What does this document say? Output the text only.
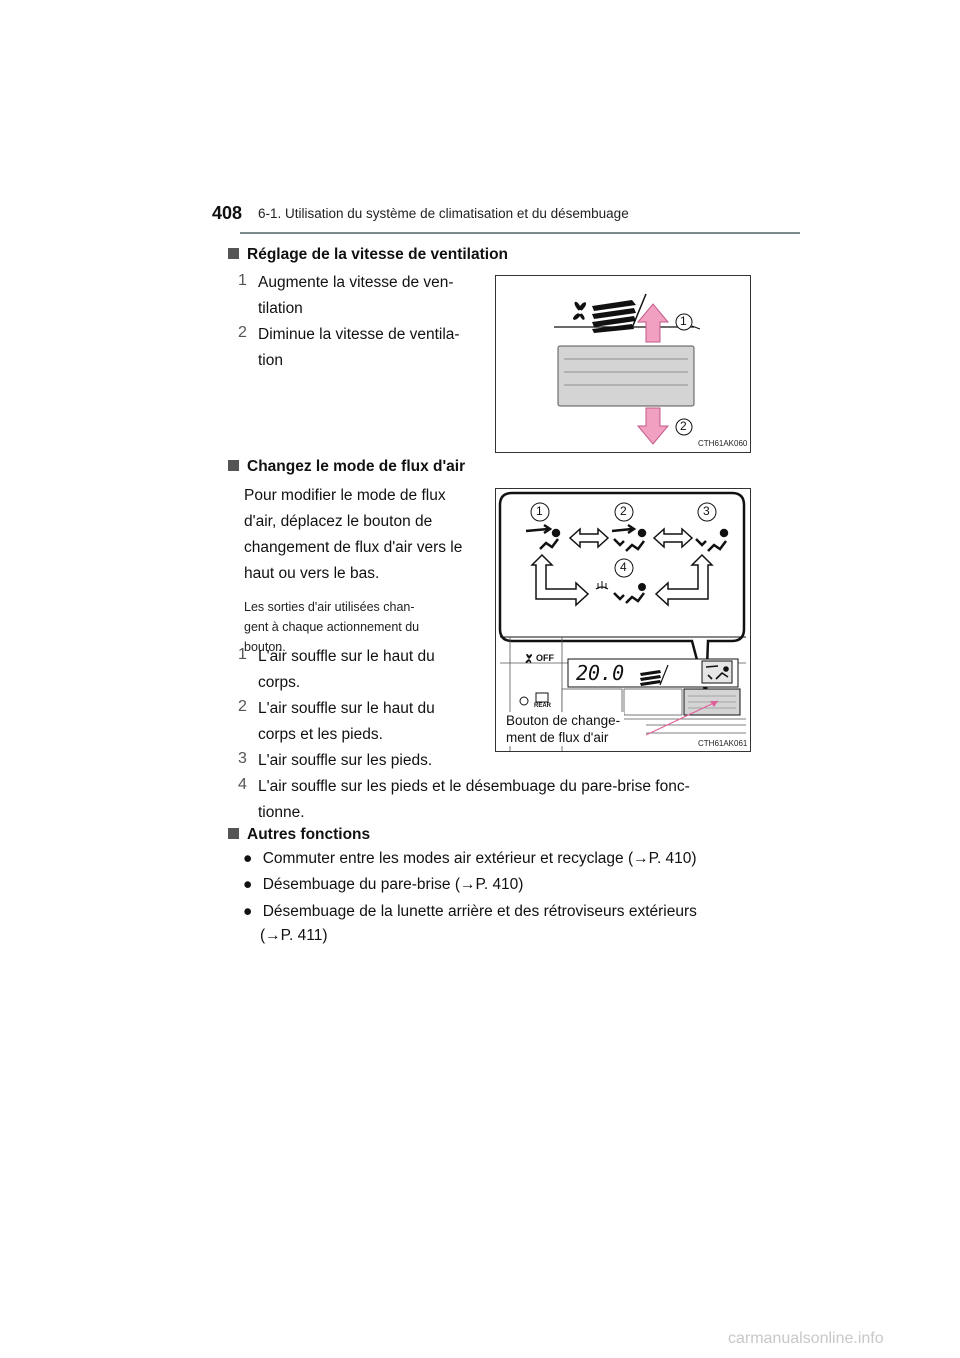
408 6-1. Utilisation du système de climatisation et du désembuage
Réglage de la vitesse de ventilation
1 Augmente la vitesse de ven-
tilation
2 Diminue la vitesse de ventila-
tion
1
2
CTH61AK060
Changez le mode de flux d'air
Pour modifier le mode de flux
d'air, déplacez le bouton de
changement de flux d'air vers le
haut ou vers le bas.
Les sorties d'air utilisées chan-
gent à chaque actionnement du
bouton.
1 L'air souffle sur le haut du
corps.
2 L'air souffle sur le haut du
corps et les pieds.
3 L'air souffle sur les pieds.
4 L'air souffle sur les pieds et le désembuage du pare-brise fonc-
tionne.
1	2	3
4
OFF
20.0
REAR
Bouton de change-
ment de flux d'air	CTH61AK061
Autres fonctions
● Commuter entre les modes air extérieur et recyclage (→P. 410)
● Désembuage du pare-brise (→P. 410)
● Désembuage de la lunette arrière et des rétroviseurs extérieurs
(→P. 411)
carmanualsonline.info
